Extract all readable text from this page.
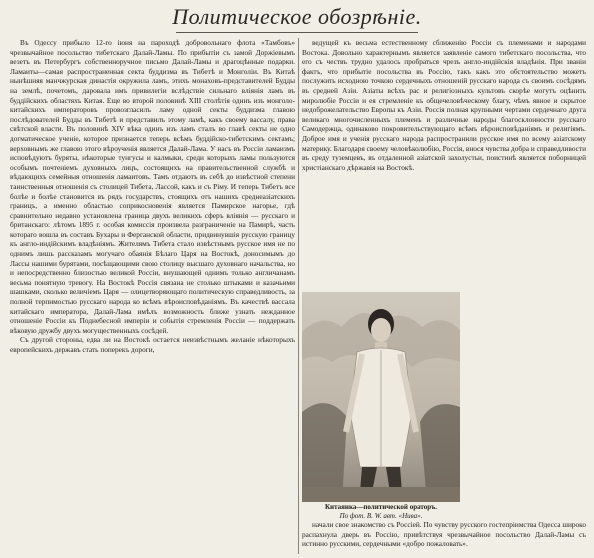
Политическое обозрѣніе.

Въ Одессу прибыло 12-го іюня на пароходѣ добровольнаго флота «Тамбовъ» чрезвычайное посольство тибетскаго Далай-Ламы. По прибытіи съ замой Доржіевымъ везетъ въ Петербургъ собственноручное письмо Далай-Ламы и драгоцѣнные подарки. Ламаиты—самая распространенная секта буддизма въ Тибетѣ и Монголіи. Въ Китаѣ нынѣшняя манчжурская династія окружила ламъ, этихъ монаховъ-представителей Будды на землѣ, почетомъ, даровала имъ привилегіи вслѣдствіе сильнаго вліянія ламъ въ буддійскихъ областяхъ Китая. Еще во второй половинѣ XIII столѣтія одинъ изъ монголо-китайскихъ императоровъ провозгласилъ ламу одной секты буддизма главою послѣдователей Будды въ Тибетѣ и представилъ этому ламѣ, какъ своему вассалу, права свѣтской власти. Въ половинѣ XIV вѣка одинъ изъ ламъ сталъ во главѣ секты не одно догматическое ученіе, которое признается теперь всѣмъ буддійско-тибетскимъ сектамъ; верховнымъ же главою этого вѣроученія является Далай-Лама. У насъ въ Россіи ламаизмъ исповѣдуютъ буряты, нѣкоторые тунгусы и калмыки, среди которыхъ ламы пользуются особымъ почтеніемъ духовныхъ лицъ, состоящихъ на правительственной службѣ и вѣдающихъ семейныя отношенія ламаитовъ. Тамъ отдаютъ въ себѣ до извѣстной степени таинственныя отношенія съ столицей Тибета, Лассой, какъ и съ Ріму. И теперь Тибетъ все болѣе и болѣе становится въ рядъ государствъ, стоящихъ отъ нашихъ среднеазіатскихъ границъ, а именно областью соприкосновенія является Памирское нагорье, гдѣ сравнительно недавно установлена граница двухъ великихъ сферъ вліянія — русскаго и британскаго: лѣтомъ 1895 г. особая комиссія произвела разграниченіе на Памирѣ, часть котораго вошла въ составъ Бухары и Ферганской области, придвинувшія русскую границу къ англо-индійскимъ владѣніямъ. Жителямъ Тибета стало извѣстнымъ русское имя не по однимъ лишь рассказамъ могучаго обаянія Бѣлаго Царя на Востокѣ, доносимымъ до Лассы нашими бурятами, посѣщающими свою столицу высшаго духовнаго начальства, но и непосредственно близостью великой Россіи, внушающей однимъ только англичанамъ весьма понятную тревогу. На Востокѣ Россія связана не столько штыками и казачьими шашками, сколько величіемъ Царя — олицетворяющаго политическую справедливость, за полной терпимостью русскаго народа ко всѣмъ вѣроисповѣданіямъ. Въ качествѣ вассала китайскаго императора, Далай-Лама имѣлъ возможность ближе узнать нежданное отношеніе Россіи къ Поднебесной имперіи и событія стремленія Россіи — поддержать вѣковую дружбу двухъ могущественныхъ сосѣдей.

Съ другой стороны, едва ли на Востокѣ остается неизвѣстнымъ желаніе нѣкоторыхъ европейскихъ державъ стать поперекъ дороги,

ведущей къ весьма естественному сближенію Россіи съ племенами и народами Востока. Довольно характернымъ является заявленіе самого тибетскаго посольства, что его съ чествъ трудно удалось пробраться чрезъ англо-индійскія владѣнія. При званіи фактъ, что прибытіе посольства въ Россію, такъ какъ это обстоятельство можетъ послужить исходною точкою сердечныхъ отношеній русскаго народа съ своимъ сосѣдямъ въ средней Азіи. Азіаты всѣхъ рас и религіозныхъ культовъ скорѣе могутъ оцѣнить миролюбіе Россіи и ея стремленіе къ общечеловѣческому благу, чѣмъ явное и скрытое недоброжелательство Европы къ Азіи. Россія полная крупными чертами сердечнаго друга великаго многочисленныхъ племенъ и различные народы благосклонности русскаго Самодержца, одинаково покровительствующаго всѣмъ вѣроисповѣданіямъ и религіямъ. Доброе имя и ученія русскаго народа распространили русское имя по всему азіатскому материку. Благодаря своему человѣколюбію, Россія, внося чувства добра и справедливости въ среду туземцевъ, въ отдаленной азіатской захолустьи, поистинѣ является поборницей христіанскаго дѣржавія на Востокѣ.

Китаянка—политической ораторъ.
По фот. В. W. авт. «Нива».

начали свое знакомство съ Россіей. По чувству русского гостепріимства Одесса широко распахнула дверь въ Россію, привѣтствуя чрезвычайное посольство Далай-Ламы съ истинно русскими, сердечными «добро пожаловать».
